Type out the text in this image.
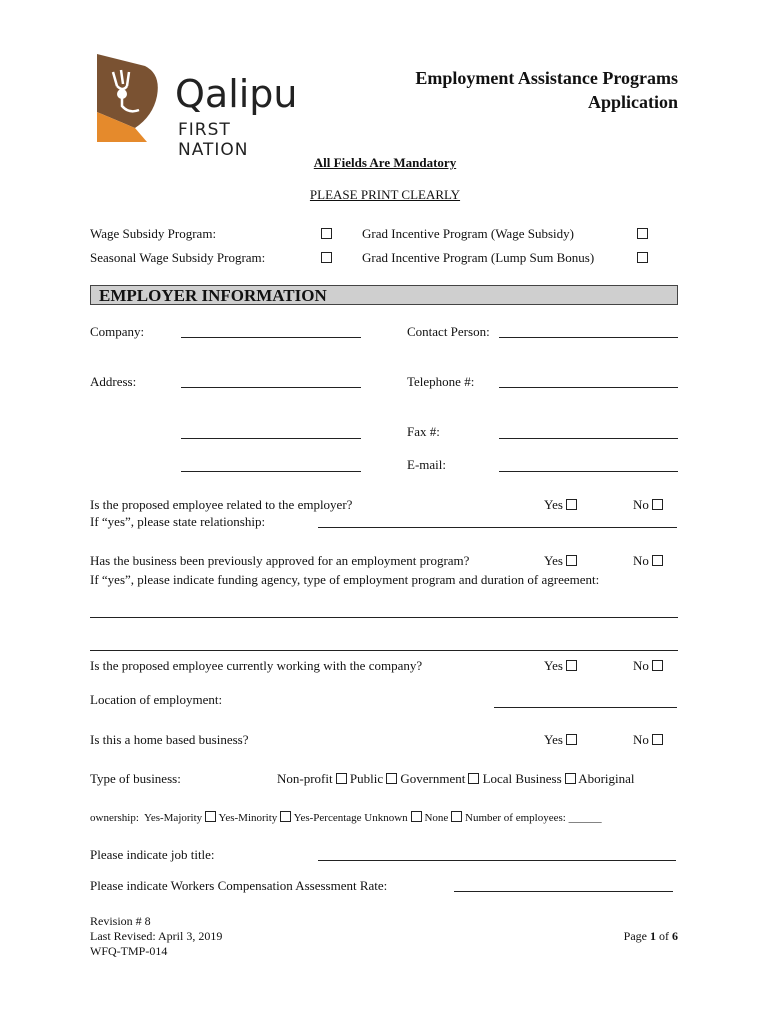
Qalipu
FIRST NATION
Employment Assistance Programs
Application
All Fields Are Mandatory
PLEASE PRINT CLEARLY
Wage Subsidy Program:	Grad Incentive Program (Wage Subsidy)
Seasonal Wage Subsidy Program:	Grad Incentive Program (Lump Sum Bonus)
EMPLOYER INFORMATION
Company:	Contact Person:
Address:	Telephone #:
Fax #:
E-mail:
Is the proposed employee related to the employer?	Yes	No
If “yes”, please state relationship:
Has the business been previously approved for an employment program?	Yes	No
If “yes”, please indicate funding agency, type of employment program and duration of agreement:
Is the proposed employee currently working with the company?	Yes	No
Location of employment:
Is this a home based business?	Yes	No
Type of business:	Non-profit Public Government Local Business Aboriginal
ownership: Yes-Majority Yes-Minority Yes-Percentage Unknown None Number of employees: ______
Please indicate job title:
Please indicate Workers Compensation Assessment Rate:
Revision # 8
Last Revised: April 3, 2019
WFQ-TMP-014
Page 1 of 6
